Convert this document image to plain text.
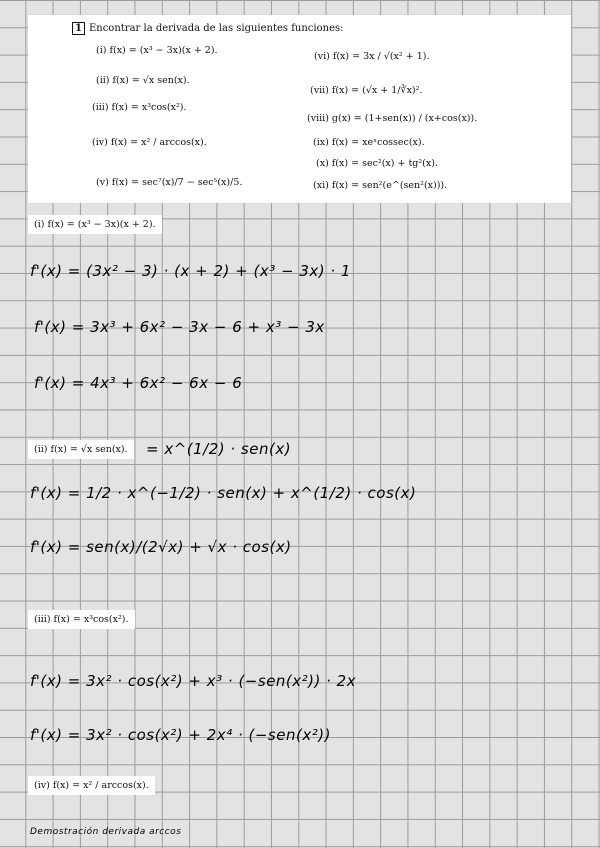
1 Encontrar la derivada de las siguientes funciones:
(i) f(x) = (x³ − 3x)(x + 2).
(ii) f(x) = √x sen(x).
(iii) f(x) = x³cos(x²).
(iv) f(x) = x² / arccos(x).
(v) f(x) = sec⁷(x)/7 − sec⁵(x)/5.
(vi) f(x) = 3x / √(x² + 1).
(vii) f(x) = (√x + 1/∛x)².
(viii) g(x) = (1+sen(x)) / (x+cos(x)).
(ix) f(x) = xeˣcossec(x).
(x) f(x) = sec²(x) + tg²(x).
(xi) f(x) = sen²(e^(sen²(x))).
(i) f(x) = (x³ − 3x)(x + 2).
f'(x) = (3x² − 3) · (x + 2) + (x³ − 3x) · 1
f'(x) = 3x³ + 6x² − 3x − 6 + x³ − 3x
f'(x) = 4x³ + 6x² − 6x − 6
(ii) f(x) = √x sen(x).	= x^(1/2) · sen(x)
f'(x) = 1/2 · x^(−1/2) · sen(x) + x^(1/2) · cos(x)
f'(x) = sen(x)/(2√x) + √x · cos(x)
(iii) f(x) = x³cos(x²).
f'(x) = 3x² · cos(x²) + x³ · (−sen(x²)) · 2x
f'(x) = 3x² · cos(x²) + 2x⁴ · (−sen(x²))
(iv) f(x) = x² / arccos(x).
Demostración derivada arccos
